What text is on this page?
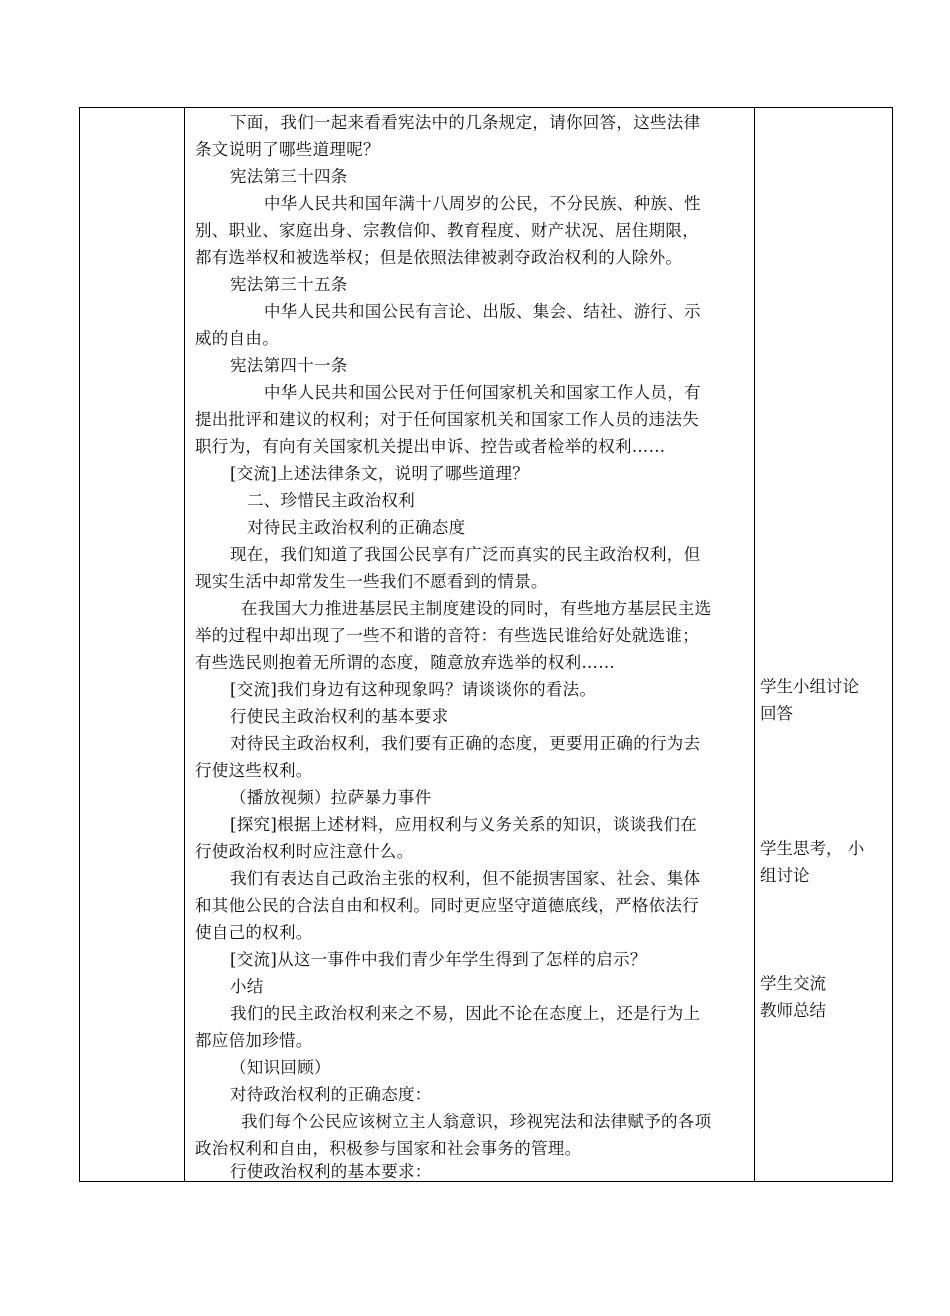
下面，我们一起来看看宪法中的几条规定，请你回答，这些法律
条文说明了哪些道理呢？
宪法第三十四条
中华人民共和国年满十八周岁的公民，不分民族、种族、性
别、职业、家庭出身、宗教信仰、教育程度、财产状况、居住期限，
都有选举权和被选举权；但是依照法律被剥夺政治权利的人除外。
宪法第三十五条
中华人民共和国公民有言论、出版、集会、结社、游行、示
威的自由。
宪法第四十一条
中华人民共和国公民对于任何国家机关和国家工作人员，有
提出批评和建议的权利；对于任何国家机关和国家工作人员的违法失
职行为，有向有关国家机关提出申诉、控告或者检举的权利……
[交流]上述法律条文，说明了哪些道理？
二、珍惜民主政治权利
对待民主政治权利的正确态度
现在，我们知道了我国公民享有广泛而真实的民主政治权利，但
现实生活中却常发生一些我们不愿看到的情景。
在我国大力推进基层民主制度建设的同时，有些地方基层民主选
举的过程中却出现了一些不和谐的音符：有些选民谁给好处就选谁；
有些选民则抱着无所谓的态度，随意放弃选举的权利……
[交流]我们身边有这种现象吗？请谈谈你的看法。
行使民主政治权利的基本要求
对待民主政治权利，我们要有正确的态度，更要用正确的行为去
行使这些权利。
（播放视频）拉萨暴力事件
[探究]根据上述材料，应用权利与义务关系的知识，谈谈我们在
行使政治权利时应注意什么。
我们有表达自己政治主张的权利，但不能损害国家、社会、集体
和其他公民的合法自由和权利。同时更应坚守道德底线，严格依法行
使自己的权利。
[交流]从这一事件中我们青少年学生得到了怎样的启示？
小结
我们的民主政治权利来之不易，因此不论在态度上，还是行为上
都应倍加珍惜。
（知识回顾）
对待政治权利的正确态度：
我们每个公民应该树立主人翁意识，珍视宪法和法律赋予的各项
政治权利和自由，积极参与国家和社会事务的管理。
行使政治权利的基本要求：
学生小组讨论
回答
学生思考， 小
组讨论
学生交流
教师总结
